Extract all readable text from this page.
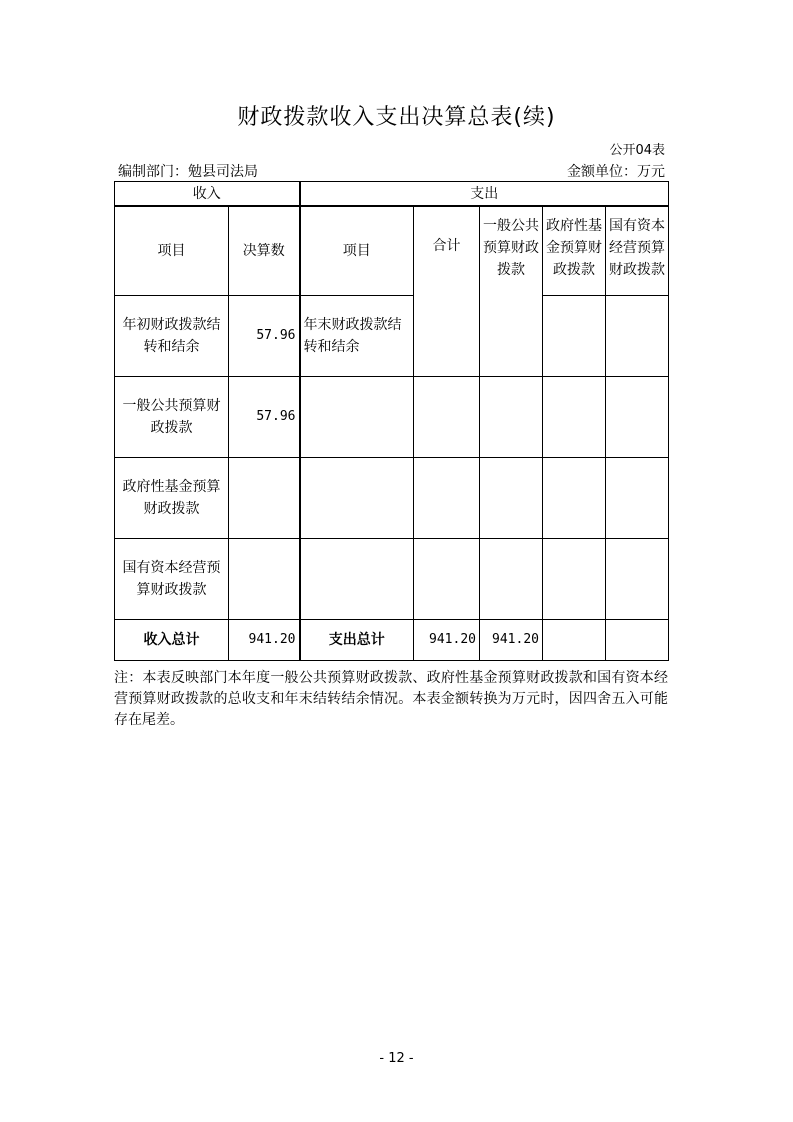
财政拨款收入支出决算总表(续)
公开04表
编制部门：勉县司法局	金额单位：万元
收入		支出				
项目	决算数	项目	合计	一般公共预算财政拨款	政府性基金预算财政拨款	国有资本经营预算财政拨款
年初财政拨款结转和结余	57.96	年末财政拨款结转和结余				
一般公共预算财政拨款	57.96					
政府性基金预算财政拨款						
国有资本经营预算财政拨款						
收入总计	941.20	支出总计	941.20	941.20		
注：本表反映部门本年度一般公共预算财政拨款、政府性基金预算财政拨款和国有资本经营预算财政拨款的总收支和年末结转结余情况。本表金额转换为万元时，因四舍五入可能存在尾差。
- 12 -
